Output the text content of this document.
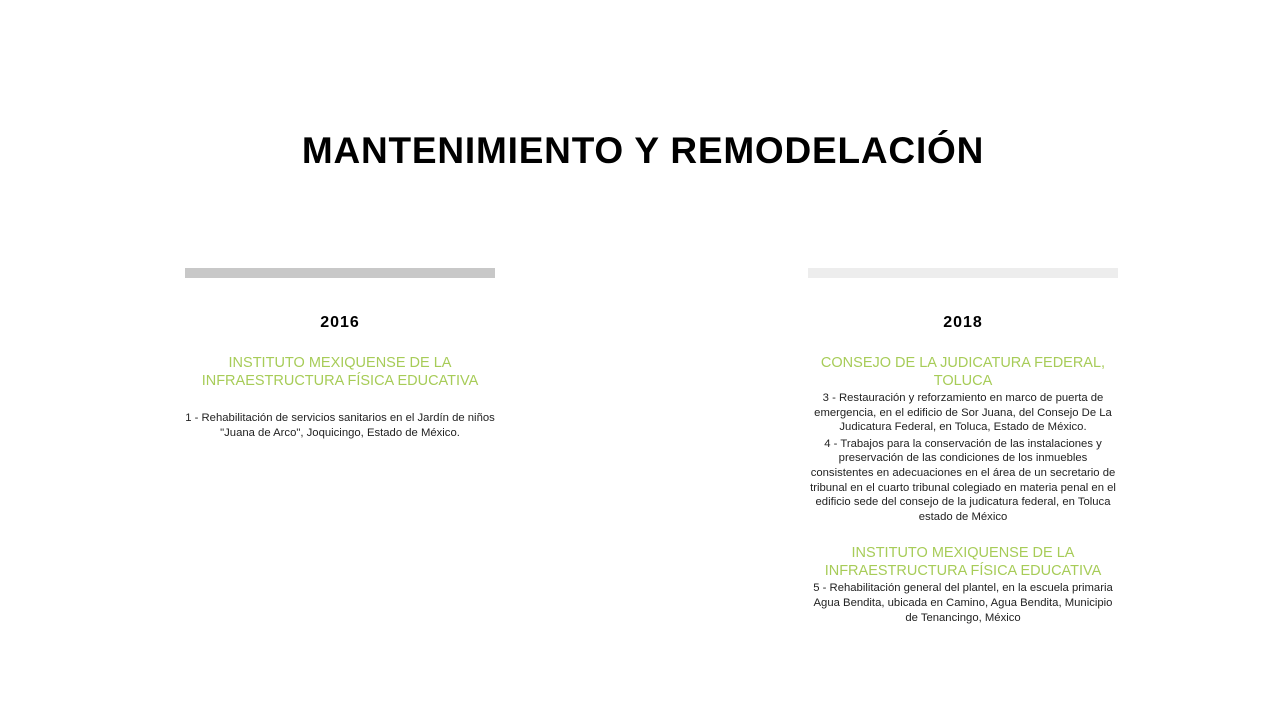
MANTENIMIENTO Y REMODELACIÓN
2016
INSTITUTO MEXIQUENSE DE LA INFRAESTRUCTURA FÍSICA EDUCATIVA
1 - Rehabilitación de servicios sanitarios en el Jardín de niños "Juana de Arco", Joquicingo, Estado de México.
2018
CONSEJO DE LA JUDICATURA FEDERAL, TOLUCA
3 - Restauración y reforzamiento en marco de puerta de emergencia, en el edificio de Sor Juana, del Consejo De La Judicatura Federal, en Toluca, Estado de México.
4 - Trabajos para la conservación de las instalaciones y preservación de las condiciones de los inmuebles consistentes en adecuaciones en el área de un secretario de tribunal en el cuarto tribunal colegiado en materia penal en el edificio sede del consejo de la judicatura federal, en Toluca estado de México
INSTITUTO MEXIQUENSE DE LA INFRAESTRUCTURA FÍSICA EDUCATIVA
5 - Rehabilitación general del plantel, en la escuela primaria Agua Bendita, ubicada en Camino, Agua Bendita, Municipio de Tenancingo, México
